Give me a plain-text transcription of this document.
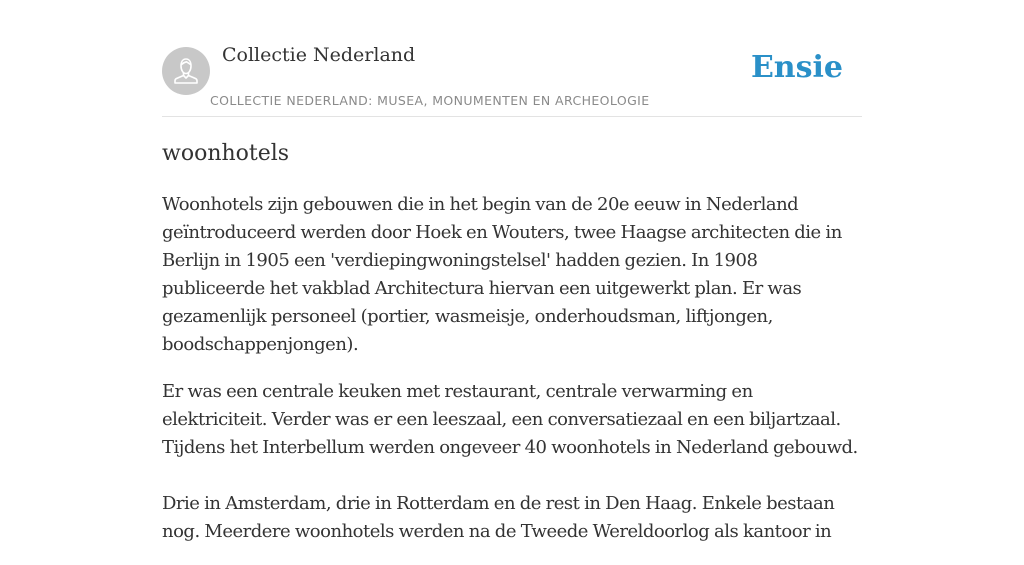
Collectie Nederland
COLLECTIE NEDERLAND: MUSEA, MONUMENTEN EN ARCHEOLOGIE
Ensie
woonhotels

Woonhotels zijn gebouwen die in het begin van de 20e eeuw in Nederland geïntroduceerd werden door Hoek en Wouters, twee Haagse architecten die in Berlijn in 1905 een 'verdiepingwoningstelsel' hadden gezien. In 1908 publiceerde het vakblad Architectura hiervan een uitgewerkt plan. Er was gezamenlijk personeel (portier, wasmeisje, onderhoudsman, liftjongen, boodschappenjongen).

Er was een centrale keuken met restaurant, centrale verwarming en elektriciteit. Verder was er een leeszaal, een conversatiezaal en een biljartzaal. Tijdens het Interbellum werden ongeveer 40 woonhotels in Nederland gebouwd.

Drie in Amsterdam, drie in Rotterdam en de rest in Den Haag. Enkele bestaan nog. Meerdere woonhotels werden na de Tweede Wereldoorlog als kantoor in
